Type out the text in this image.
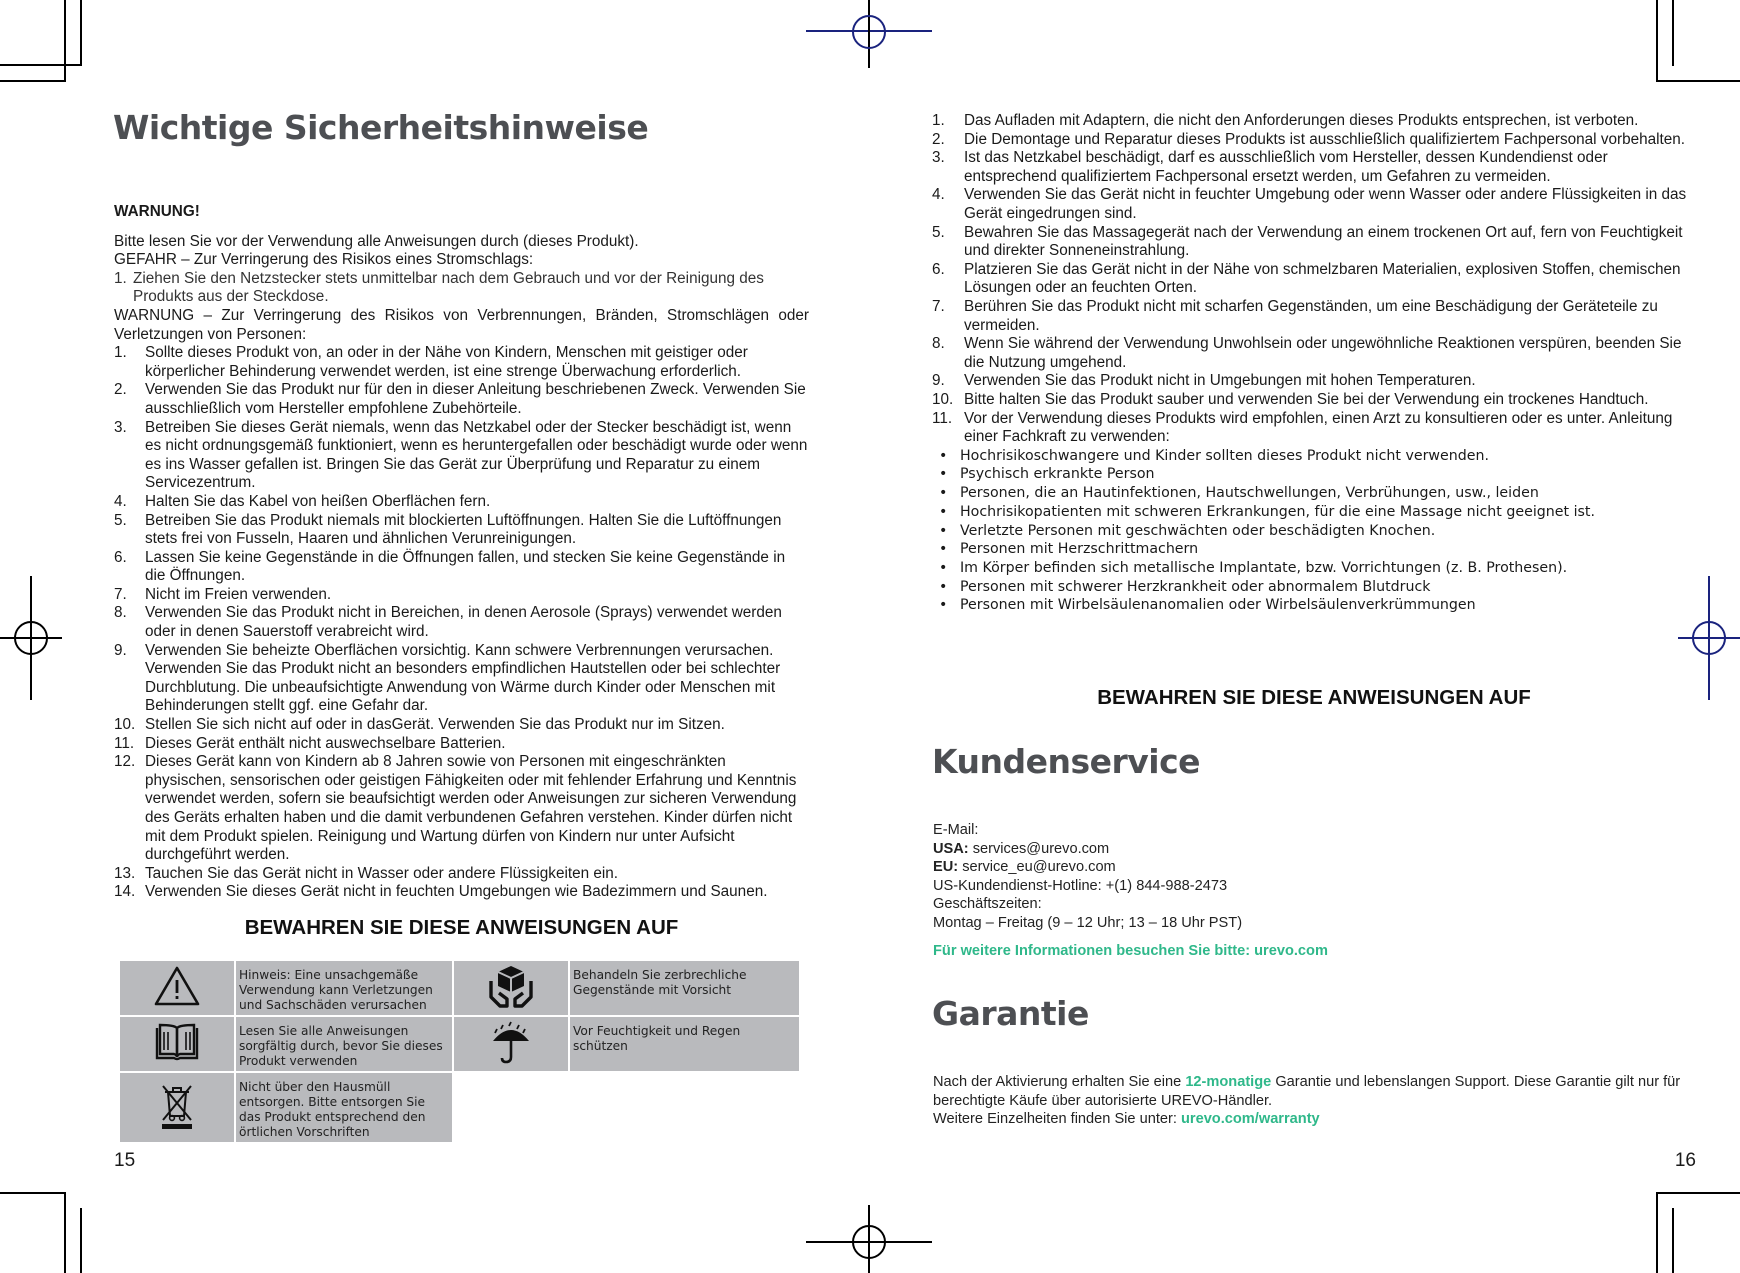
Wichtige Sicherheitshinweise

WARNUNG!

Bitte lesen Sie vor der Verwendung alle Anweisungen durch (dieses Produkt).

GEFAHR – Zur Verringerung des Risikos eines Stromschlags:

1. Ziehen Sie den Netzstecker stets unmittelbar nach dem Gebrauch und vor der Reinigung des Produkts aus der Steckdose.

WARNUNG – Zur Verringerung des Risikos von Verbrennungen, Bränden, Stromschlägen oder Verletzungen von Personen:

1. Sollte dieses Produkt von, an oder in der Nähe von Kindern, Menschen mit geistiger oder körperlicher Behinderung verwendet werden, ist eine strenge Überwachung erforderlich.
2. Verwenden Sie das Produkt nur für den in dieser Anleitung beschriebenen Zweck. Verwenden Sie ausschließlich vom Hersteller empfohlene Zubehörteile.
3. Betreiben Sie dieses Gerät niemals, wenn das Netzkabel oder der Stecker beschädigt ist, wenn es nicht ordnungsgemäß funktioniert, wenn es heruntergefallen oder beschädigt wurde oder wenn es ins Wasser gefallen ist. Bringen Sie das Gerät zur Überprüfung und Reparatur zu einem Servicezentrum.
4. Halten Sie das Kabel von heißen Oberflächen fern.
5. Betreiben Sie das Produkt niemals mit blockierten Luftöffnungen. Halten Sie die Luftöffnungen stets frei von Fusseln, Haaren und ähnlichen Verunreinigungen.
6. Lassen Sie keine Gegenstände in die Öffnungen fallen, und stecken Sie keine Gegenstände in die Öffnungen.
7. Nicht im Freien verwenden.
8. Verwenden Sie das Produkt nicht in Bereichen, in denen Aerosole (Sprays) verwendet werden oder in denen Sauerstoff verabreicht wird.
9. Verwenden Sie beheizte Oberflächen vorsichtig. Kann schwere Verbrennungen verursachen. Verwenden Sie das Produkt nicht an besonders empfindlichen Hautstellen oder bei schlechter Durchblutung. Die unbeaufsichtigte Anwendung von Wärme durch Kinder oder Menschen mit Behinderungen stellt ggf. eine Gefahr dar.
10. Stellen Sie sich nicht auf oder in dasGerät. Verwenden Sie das Produkt nur im Sitzen.
11. Dieses Gerät enthält nicht auswechselbare Batterien.
12. Dieses Gerät kann von Kindern ab 8 Jahren sowie von Personen mit eingeschränkten physischen, sensorischen oder geistigen Fähigkeiten oder mit fehlender Erfahrung und Kenntnis verwendet werden, sofern sie beaufsichtigt werden oder Anweisungen zur sicheren Verwendung des Geräts erhalten haben und die damit verbundenen Gefahren verstehen. Kinder dürfen nicht mit dem Produkt spielen. Reinigung und Wartung dürfen von Kindern nur unter Aufsicht durchgeführt werden.
13. Tauchen Sie das Gerät nicht in Wasser oder andere Flüssigkeiten ein.
14. Verwenden Sie dieses Gerät nicht in feuchten Umgebungen wie Badezimmern und Saunen.
BEWAHREN SIE DIESE ANWEISUNGEN AUF
	Hinweis: Eine unsachgemäße Verwendung kann Verletzungen und Sachschäden verursachen		Behandeln Sie zerbrechliche Gegenstände mit Vorsicht
	Lesen Sie alle Anweisungen sorgfältig durch, bevor Sie dieses Produkt verwenden		Vor Feuchtigkeit und Regen schützen
	Nicht über den Hausmüll entsorgen. Bitte entsorgen Sie das Produkt entsprechend den örtlichen Vorschriften		
15
1. Das Aufladen mit Adaptern, die nicht den Anforderungen dieses Produkts entsprechen, ist verboten.
2. Die Demontage und Reparatur dieses Produkts ist ausschließlich qualifiziertem Fachpersonal vorbehalten.
3. Ist das Netzkabel beschädigt, darf es ausschließlich vom Hersteller, dessen Kundendienst oder entsprechend qualifiziertem Fachpersonal ersetzt werden, um Gefahren zu vermeiden.
4. Verwenden Sie das Gerät nicht in feuchter Umgebung oder wenn Wasser oder andere Flüssigkeiten in das Gerät eingedrungen sind.
5. Bewahren Sie das Massagegerät nach der Verwendung an einem trockenen Ort auf, fern von Feuchtigkeit und direkter Sonneneinstrahlung.
6. Platzieren Sie das Gerät nicht in der Nähe von schmelzbaren Materialien, explosiven Stoffen, chemischen Lösungen oder an feuchten Orten.
7. Berühren Sie das Produkt nicht mit scharfen Gegenständen, um eine Beschädigung der Geräteteile zu vermeiden.
8. Wenn Sie während der Verwendung Unwohlsein oder ungewöhnliche Reaktionen verspüren, beenden Sie die Nutzung umgehend.
9. Verwenden Sie das Produkt nicht in Umgebungen mit hohen Temperaturen.
10. Bitte halten Sie das Produkt sauber und verwenden Sie bei der Verwendung ein trockenes Handtuch.
11. Vor der Verwendung dieses Produkts wird empfohlen, einen Arzt zu konsultieren oder es unter. Anleitung einer Fachkraft zu verwenden:
• Hochrisikoschwangere und Kinder sollten dieses Produkt nicht verwenden.
• Psychisch erkrankte Person
• Personen, die an Hautinfektionen, Hautschwellungen, Verbrühungen, usw., leiden
• Hochrisikopatienten mit schweren Erkrankungen, für die eine Massage nicht geeignet ist.
• Verletzte Personen mit geschwächten oder beschädigten Knochen.
• Personen mit Herzschrittmachern
• Im Körper befinden sich metallische Implantate, bzw. Vorrichtungen (z. B. Prothesen).
• Personen mit schwerer Herzkrankheit oder abnormalem Blutdruck
• Personen mit Wirbelsäulenanomalien oder Wirbelsäulenverkrümmungen
BEWAHREN SIE DIESE ANWEISUNGEN AUF
Kundenservice

E-Mail:

USA: services@urevo.com

EU: service_eu@urevo.com

US-Kundendienst-Hotline: +(1) 844-988-2473

Geschäftszeiten:

Montag – Freitag (9 – 12 Uhr; 13 – 18 Uhr PST)

Für weitere Informationen besuchen Sie bitte: urevo.com

Garantie

Nach der Aktivierung erhalten Sie eine 12-monatige Garantie und lebenslangen Support. Diese Garantie gilt nur für berechtigte Käufe über autorisierte UREVO-Händler.

Weitere Einzelheiten finden Sie unter: urevo.com/warranty

16
